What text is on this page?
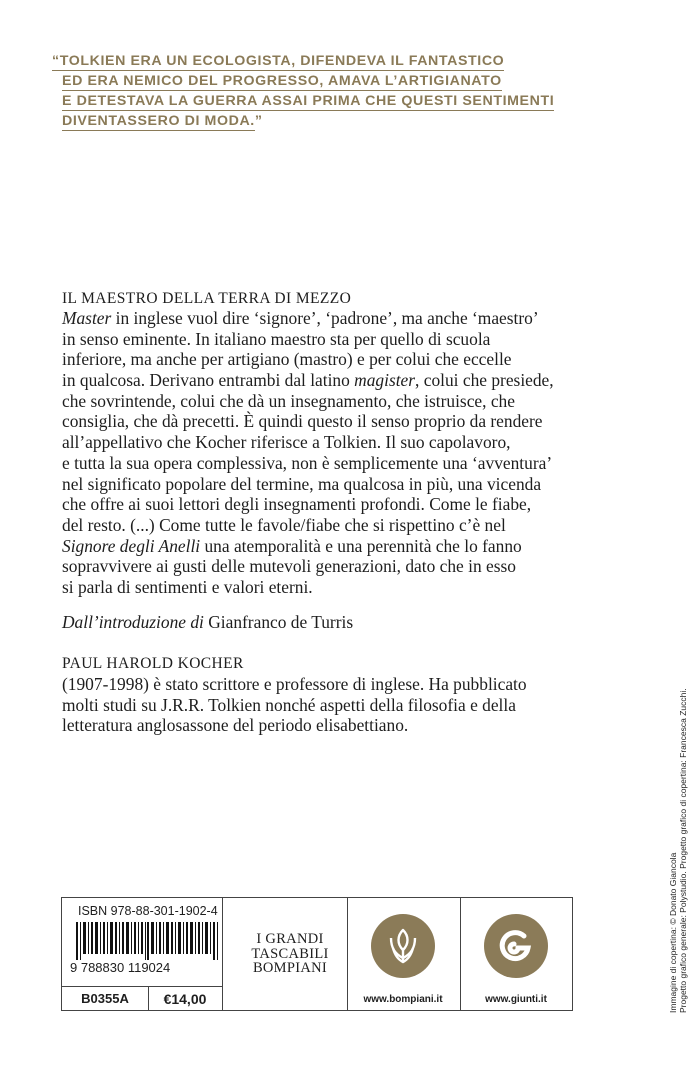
“TOLKIEN ERA UN ECOLOGISTA, DIFENDEVA IL FANTASTICO
ED ERA NEMICO DEL PROGRESSO, AMAVA L’ARTIGIANATO
E DETESTAVA LA GUERRA ASSAI PRIMA CHE QUESTI SENTIMENTI
DIVENTASSERO DI MODA.”
IL MAESTRO DELLA TERRA DI MEZZO
Master in inglese vuol dire ‘signore’, ‘padrone’, ma anche ‘maestro’
in senso eminente. In italiano maestro sta per quello di scuola
inferiore, ma anche per artigiano (mastro) e per colui che eccelle
in qualcosa. Derivano entrambi dal latino magister, colui che presiede,
che sovrintende, colui che dà un insegnamento, che istruisce, che
consiglia, che dà precetti. È quindi questo il senso proprio da rendere
all’appellativo che Kocher riferisce a Tolkien. Il suo capolavoro,
e tutta la sua opera complessiva, non è semplicemente una ‘avventura’
nel significato popolare del termine, ma qualcosa in più, una vicenda
che offre ai suoi lettori degli insegnamenti profondi. Come le fiabe,
del resto. (...) Come tutte le favole/fiabe che si rispettino c’è nel
Signore degli Anelli una atemporalità e una perennità che lo fanno
sopravvivere ai gusti delle mutevoli generazioni, dato che in esso
si parla di sentimenti e valori eterni.
Dall’introduzione di Gianfranco de Turris
PAUL HAROLD KOCHER
(1907-1998) è stato scrittore e professore di inglese. Ha pubblicato
molti studi su J.R.R. Tolkien nonché aspetti della filosofia e della
letteratura anglosassone del periodo elisabettiano.
ISBN 978-88-301-1902-4
9 788830 119024
B0355A	€14,00
I GRANDI
TASCABILI
BOMPIANI
www.bompiani.it	www.giunti.it	Immagine di copertina: © Donato Giancola Progetto grafico generale: Polystudio. Progetto grafico di copertina: Francesca Zucchi.
